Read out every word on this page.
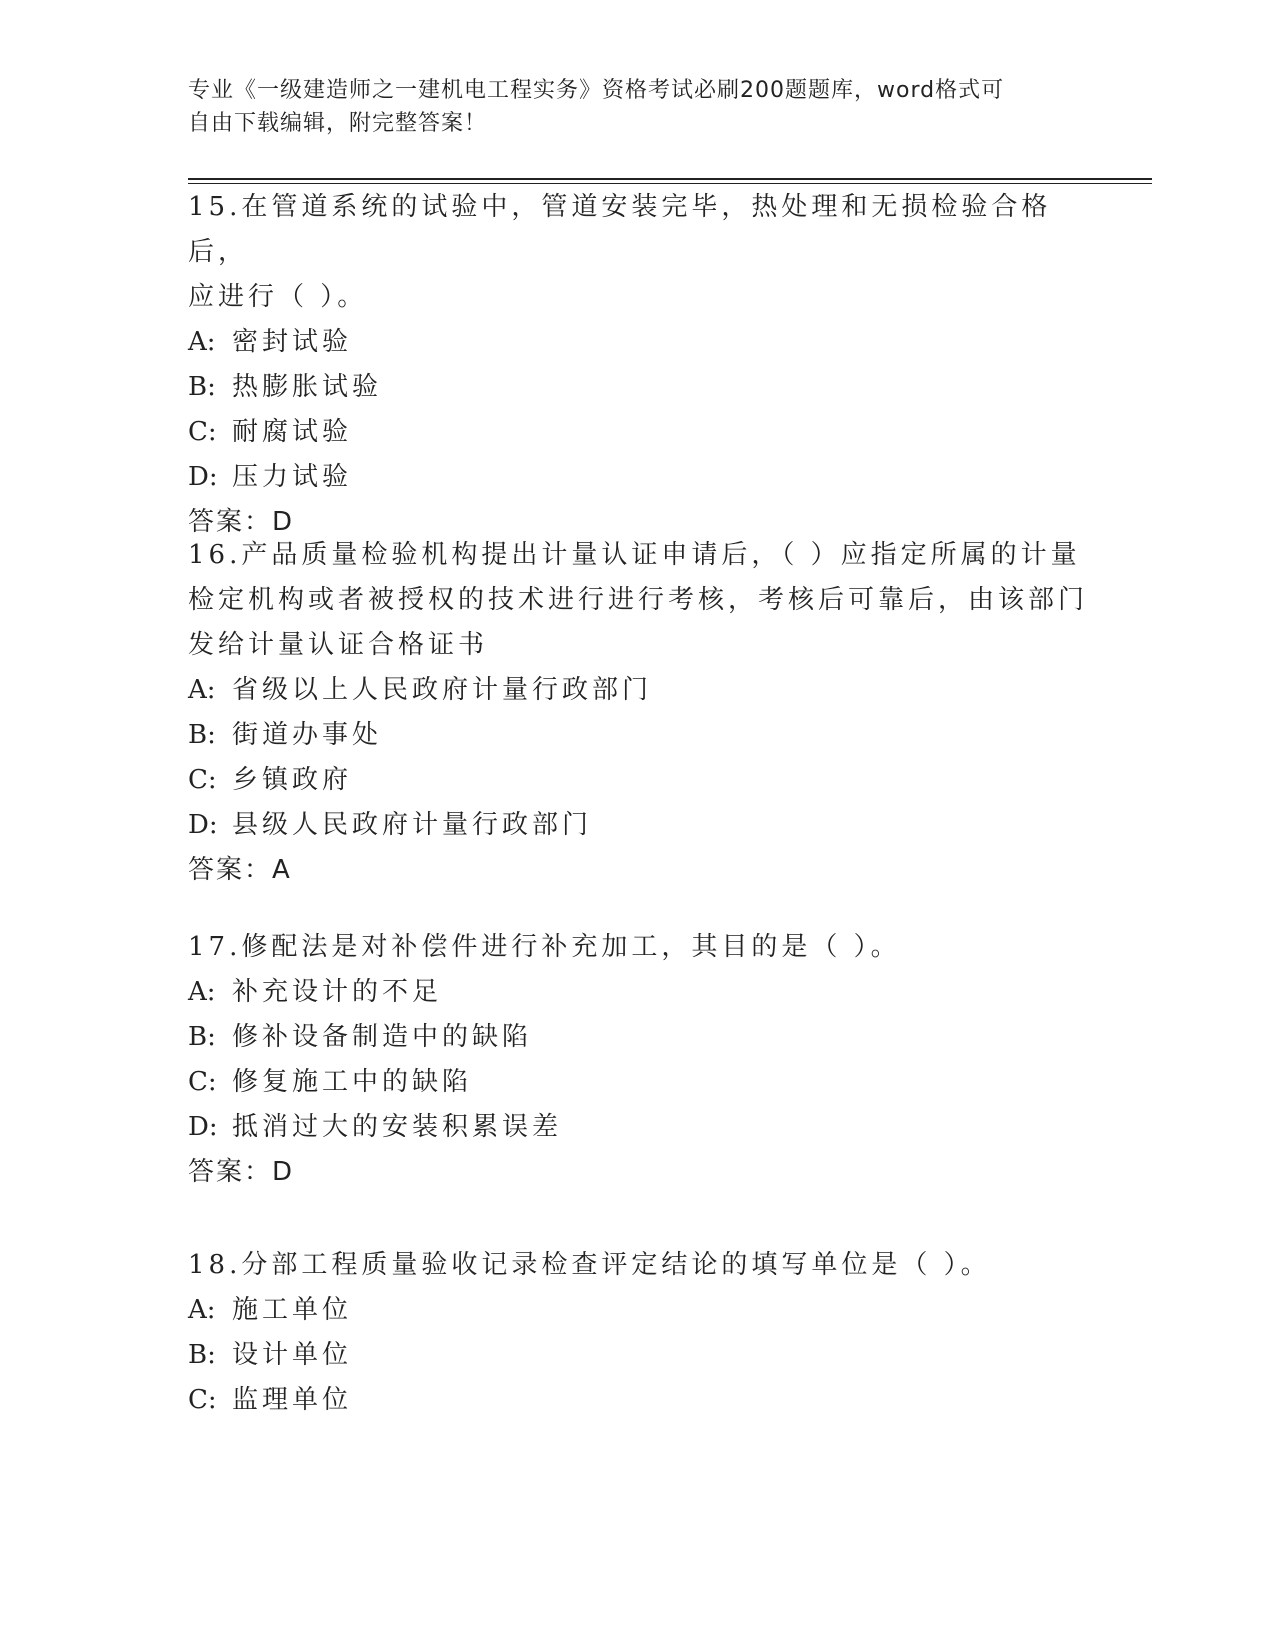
专业《一级建造师之一建机电工程实务》资格考试必刷200题题库，word格式可
自由下载编辑，附完整答案！
15.在管道系统的试验中，管道安装完毕，热处理和无损检验合格后，
应进行（ ）。
A: 密封试验
B: 热膨胀试验
C: 耐腐试验
D: 压力试验
答案：D
16.产品质量检验机构提出计量认证申请后，（ ）应指定所属的计量
检定机构或者被授权的技术进行进行考核，考核后可靠后，由该部门
发给计量认证合格证书
A: 省级以上人民政府计量行政部门
B: 街道办事处
C: 乡镇政府
D: 县级人民政府计量行政部门
答案：A
17.修配法是对补偿件进行补充加工，其目的是（ ）。
A: 补充设计的不足
B: 修补设备制造中的缺陷
C: 修复施工中的缺陷
D: 抵消过大的安装积累误差
答案：D
18.分部工程质量验收记录检查评定结论的填写单位是（ ）。
A: 施工单位
B: 设计单位
C: 监理单位
